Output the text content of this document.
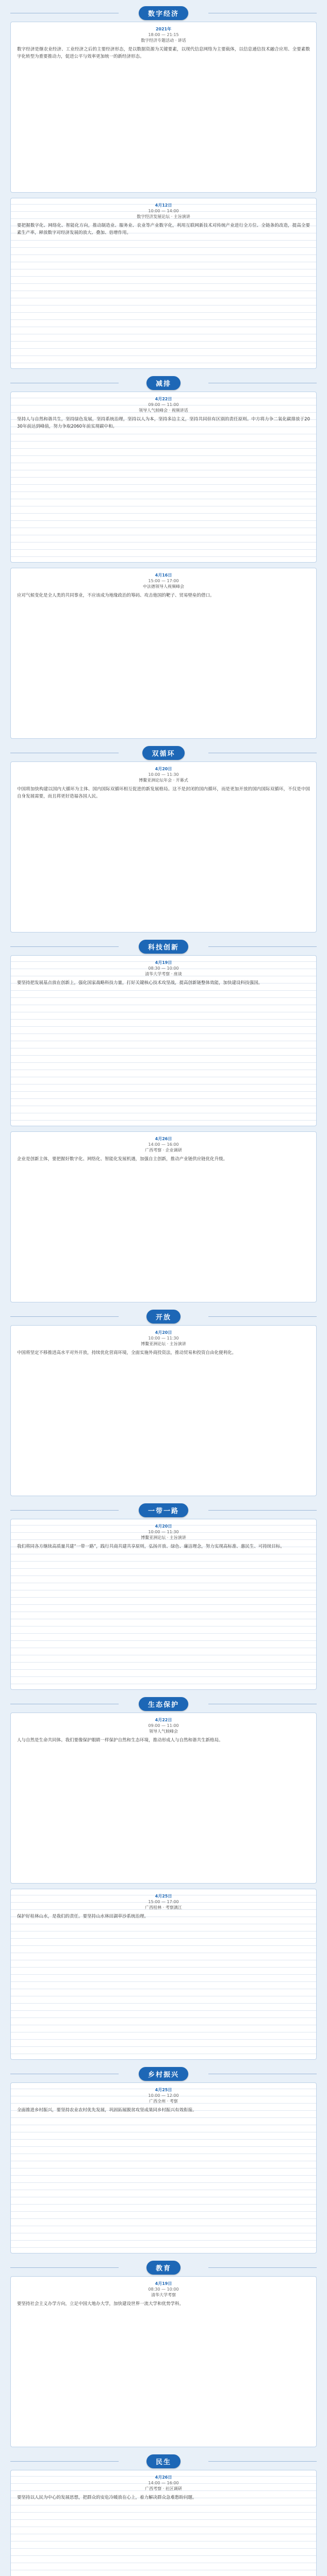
数字经济
2021年
18:00 — 21:15
数字经济专题活动 · 讲话
数字经济是继农业经济、工业经济之后的主要经济形态，是以数据资源为关键要素，以现代信息网络为主要载体，以信息通信技术融合应用、全要素数字化转型为重要推动力，促进公平与效率更加统一的新经济形态。
4月12日
10:00 — 14:00
数字经济发展论坛 · 主旨演讲
要把握数字化、网络化、智能化方向，推动制造业、服务业、农业等产业数字化，利用互联网新技术对传统产业进行全方位、全链条的改造，提高全要素生产率，释放数字对经济发展的放大、叠加、倍增作用。
减排
4月22日
09:00 — 11:00
领导人气候峰会 · 视频讲话
坚持人与自然和谐共生，坚持绿色发展，坚持系统治理，坚持以人为本，坚持多边主义，坚持共同但有区别的责任原则。中方将力争二氧化碳排放于2030年前达到峰值，努力争取2060年前实现碳中和。
4月16日
15:00 — 17:00
中法德领导人视频峰会
应对气候变化是全人类的共同事业，不应该成为地缘政治的筹码、攻击他国的靶子、贸易壁垒的借口。
双循环
4月20日
10:00 — 11:30
博鳌亚洲论坛年会 · 开幕式
中国将加快构建以国内大循环为主体、国内国际双循环相互促进的新发展格局。这不是封闭的国内循环，而是更加开放的国内国际双循环，不仅是中国自身发展需要，而且将更好造福各国人民。
科技创新
4月19日
08:30 — 10:00
清华大学考察 · 座谈
要坚持把发展基点放在创新上，强化国家战略科技力量，打好关键核心技术攻坚战，提高创新链整体效能，加快建设科技强国。
4月26日
14:00 — 16:00
广西考察 · 企业调研
企业是创新主体，要把握好数字化、网络化、智能化发展机遇，加强自主创新，推动产业链供应链优化升级。
开放
4月20日
10:00 — 11:30
博鳌亚洲论坛 · 主旨演讲
中国将坚定不移推进高水平对外开放，持续优化营商环境，全面实施外商投资法，推动贸易和投资自由化便利化。
一带一路
4月20日
10:00 — 11:30
博鳌亚洲论坛 · 主旨演讲
我们将同各方继续高质量共建“一带一路”，践行共商共建共享原则，弘扬开放、绿色、廉洁理念，努力实现高标准、惠民生、可持续目标。
生态保护
4月22日
09:00 — 11:00
领导人气候峰会
人与自然是生命共同体。我们要像保护眼睛一样保护自然和生态环境，推动形成人与自然和谐共生新格局。
4月25日
15:00 — 17:00
广西桂林 · 考察漓江
保护好桂林山水，是我们的责任。要坚持山水林田湖草沙系统治理。
乡村振兴
4月25日
10:00 — 12:00
广西全州 · 考察
全面推进乡村振兴，要坚持农业农村优先发展，巩固拓展脱贫攻坚成果同乡村振兴有效衔接。
教育
4月19日
08:30 — 10:00
清华大学考察
要坚持社会主义办学方向，立足中国大地办大学，加快建设世界一流大学和优势学科。
民生
4月26日
14:00 — 16:00
广西考察 · 社区调研
要坚持以人民为中心的发展思想，把群众的安危冷暖放在心上，着力解决群众急难愁盼问题。
